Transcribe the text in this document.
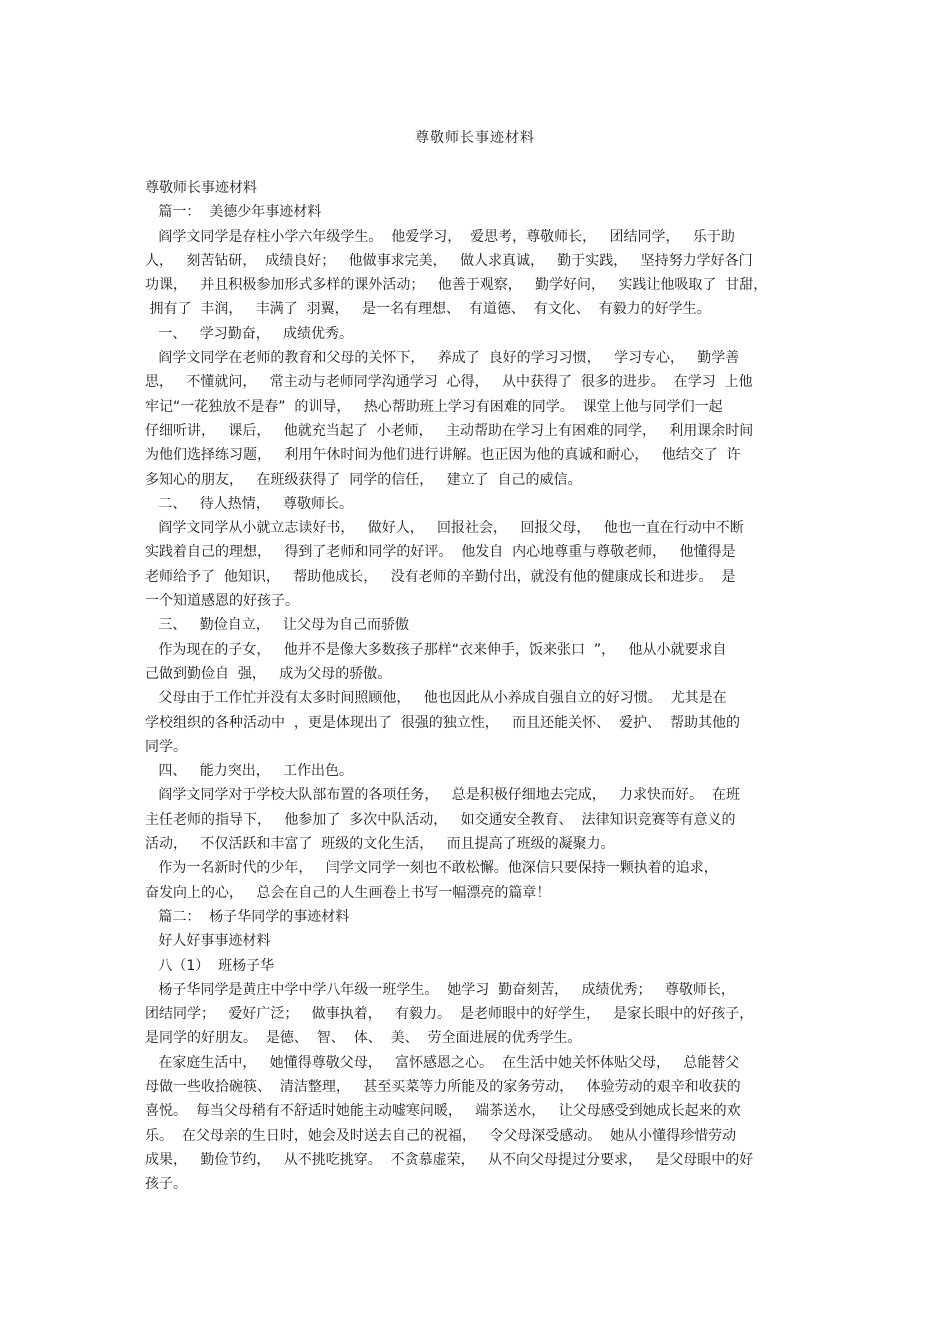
尊敬师长事迹材料
尊敬师长事迹材料
篇一：  美德少年事迹材料
阎学文同学是存柱小学六年级学生。  他爱学习，  爱思考，尊敬师长，   团结同学，   乐于助
人，   刻苦钻研，  成绩良好；   他做事求完美，   做人求真诚，   勤于实践，   坚持努力学好各门
功课，   并且积极参加形式多样的课外活动；   他善于观察，   勤学好问，   实践让他吸取了  甘甜，
拥有了  丰润，   丰满了  羽翼，   是一名有理想、  有道德、  有文化、  有毅力的好学生。
一、   学习勤奋，   成绩优秀。
阎学文同学在老师的教育和父母的关怀下，   养成了  良好的学习习惯，   学习专心，   勤学善
思，   不懂就问，   常主动与老师同学沟通学习  心得，   从中获得了  很多的进步。  在学习  上他
牢记“一花独放不是春”  的训导，   热心帮助班上学习有困难的同学。  课堂上他与同学们一起
仔细听讲，   课后，   他就充当起了  小老师，   主动帮助在学习上有困难的同学，   利用课余时间
为他们选择练习题，   利用午休时间为他们进行讲解。也正因为他的真诚和耐心，   他结交了  许
多知心的朋友，   在班级获得了  同学的信任，   建立了  自己的威信。
二、   待人热情，   尊敬师长。
阎学文同学从小就立志读好书，   做好人，   回报社会，   回报父母，   他也一直在行动中不断
实践着自己的理想，   得到了老师和同学的好评。  他发自  内心地尊重与尊敬老师，   他懂得是
老师给予了  他知识，   帮助他成长，   没有老师的辛勤付出，就没有他的健康成长和进步。  是
一个知道感恩的好孩子。
三、   勤俭自立，   让父母为自己而骄傲
作为现在的子女，   他并不是像大多数孩子那样“衣来伸手，饭来张口  ”，   他从小就要求自
己做到勤俭自  强，   成为父母的骄傲。
父母由于工作忙并没有太多时间照顾他，   他也因此从小养成自强自立的好习惯。  尤其是在
学校组织的各种活动中  ，更是体现出了  很强的独立性，   而且还能关怀、  爱护、  帮助其他的
同学。
四、   能力突出，   工作出色。
阎学文同学对于学校大队部布置的各项任务，   总是积极仔细地去完成，   力求快而好。  在班
主任老师的指导下，   他参加了  多次中队活动，   如交通安全教育、  法律知识竞赛等有意义的
活动，   不仅活跃和丰富了  班级的文化生活，   而且提高了班级的凝聚力。
作为一名新时代的少年，   闫学文同学一刻也不敢松懈。他深信只要保持一颗执着的追求，
奋发向上的心，   总会在自己的人生画卷上书写一幅漂亮的篇章！
篇二：  杨子华同学的事迹材料
好人好事事迹材料
八（1）  班杨子华
杨子华同学是黄庄中学中学八年级一班学生。  她学习  勤奋刻苦，   成绩优秀；   尊敬师长，
团结同学；   爱好广泛；   做事执着，   有毅力。  是老师眼中的好学生，   是家长眼中的好孩子，
是同学的好朋友。  是德、  智、  体、  美、  劳全面进展的优秀学生。
在家庭生活中，   她懂得尊敬父母，   富怀感恩之心。  在生活中她关怀体贴父母，   总能替父
母做一些收拾碗筷、  清洁整理，   甚至买菜等力所能及的家务劳动，   体验劳动的艰辛和收获的
喜悦。  每当父母稍有不舒适时她能主动嘘寒问暖，   端茶送水，   让父母感受到她成长起来的欢
乐。  在父母亲的生日时，她会及时送去自己的祝福，   令父母深受感动。  她从小懂得珍惜劳动
成果，   勤俭节约，   从不挑吃挑穿。  不贪慕虚荣，   从不向父母提过分要求，   是父母眼中的好
孩子。
